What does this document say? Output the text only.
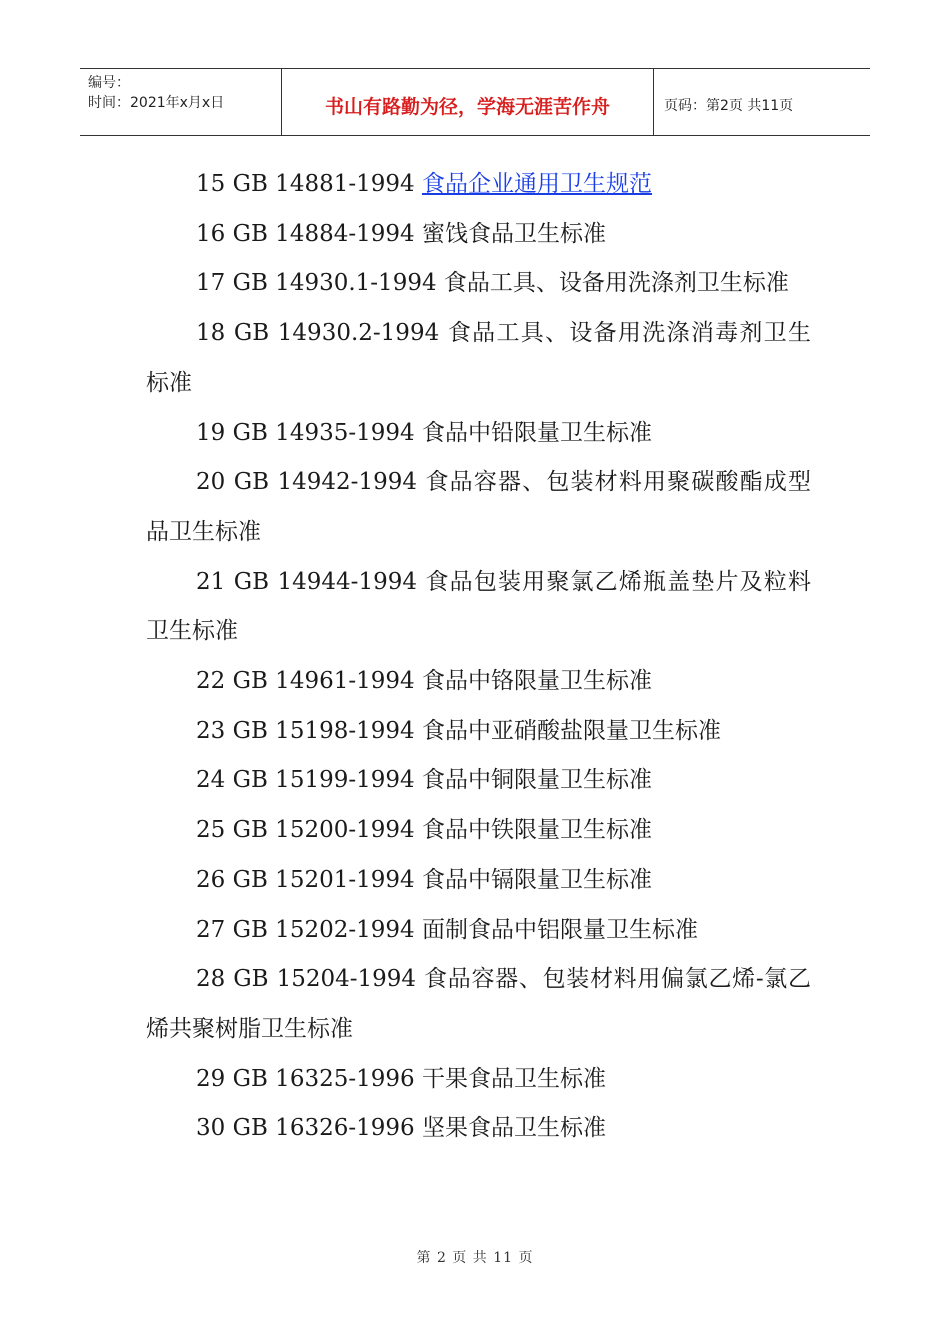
编号：
时间：2021年x月x日	书山有路勤为径，学海无涯苦作舟	页码：第2页 共11页

15 GB 14881-1994 食品企业通用卫生规范

16 GB 14884-1994 蜜饯食品卫生标准

17 GB 14930.1-1994 食品工具、设备用洗涤剂卫生标准

18 GB 14930.2-1994 食品工具、设备用洗涤消毒剂卫生标准

19 GB 14935-1994 食品中铅限量卫生标准

20 GB 14942-1994 食品容器、包装材料用聚碳酸酯成型品卫生标准

21 GB 14944-1994 食品包装用聚氯乙烯瓶盖垫片及粒料卫生标准

22 GB 14961-1994 食品中铬限量卫生标准

23 GB 15198-1994 食品中亚硝酸盐限量卫生标准

24 GB 15199-1994 食品中铜限量卫生标准

25 GB 15200-1994 食品中铁限量卫生标准

26 GB 15201-1994 食品中镉限量卫生标准

27 GB 15202-1994 面制食品中铝限量卫生标准

28 GB 15204-1994 食品容器、包装材料用偏氯乙烯-氯乙烯共聚树脂卫生标准

29 GB 16325-1996 干果食品卫生标准

30 GB 16326-1996 坚果食品卫生标准

第 2 页 共 11 页
